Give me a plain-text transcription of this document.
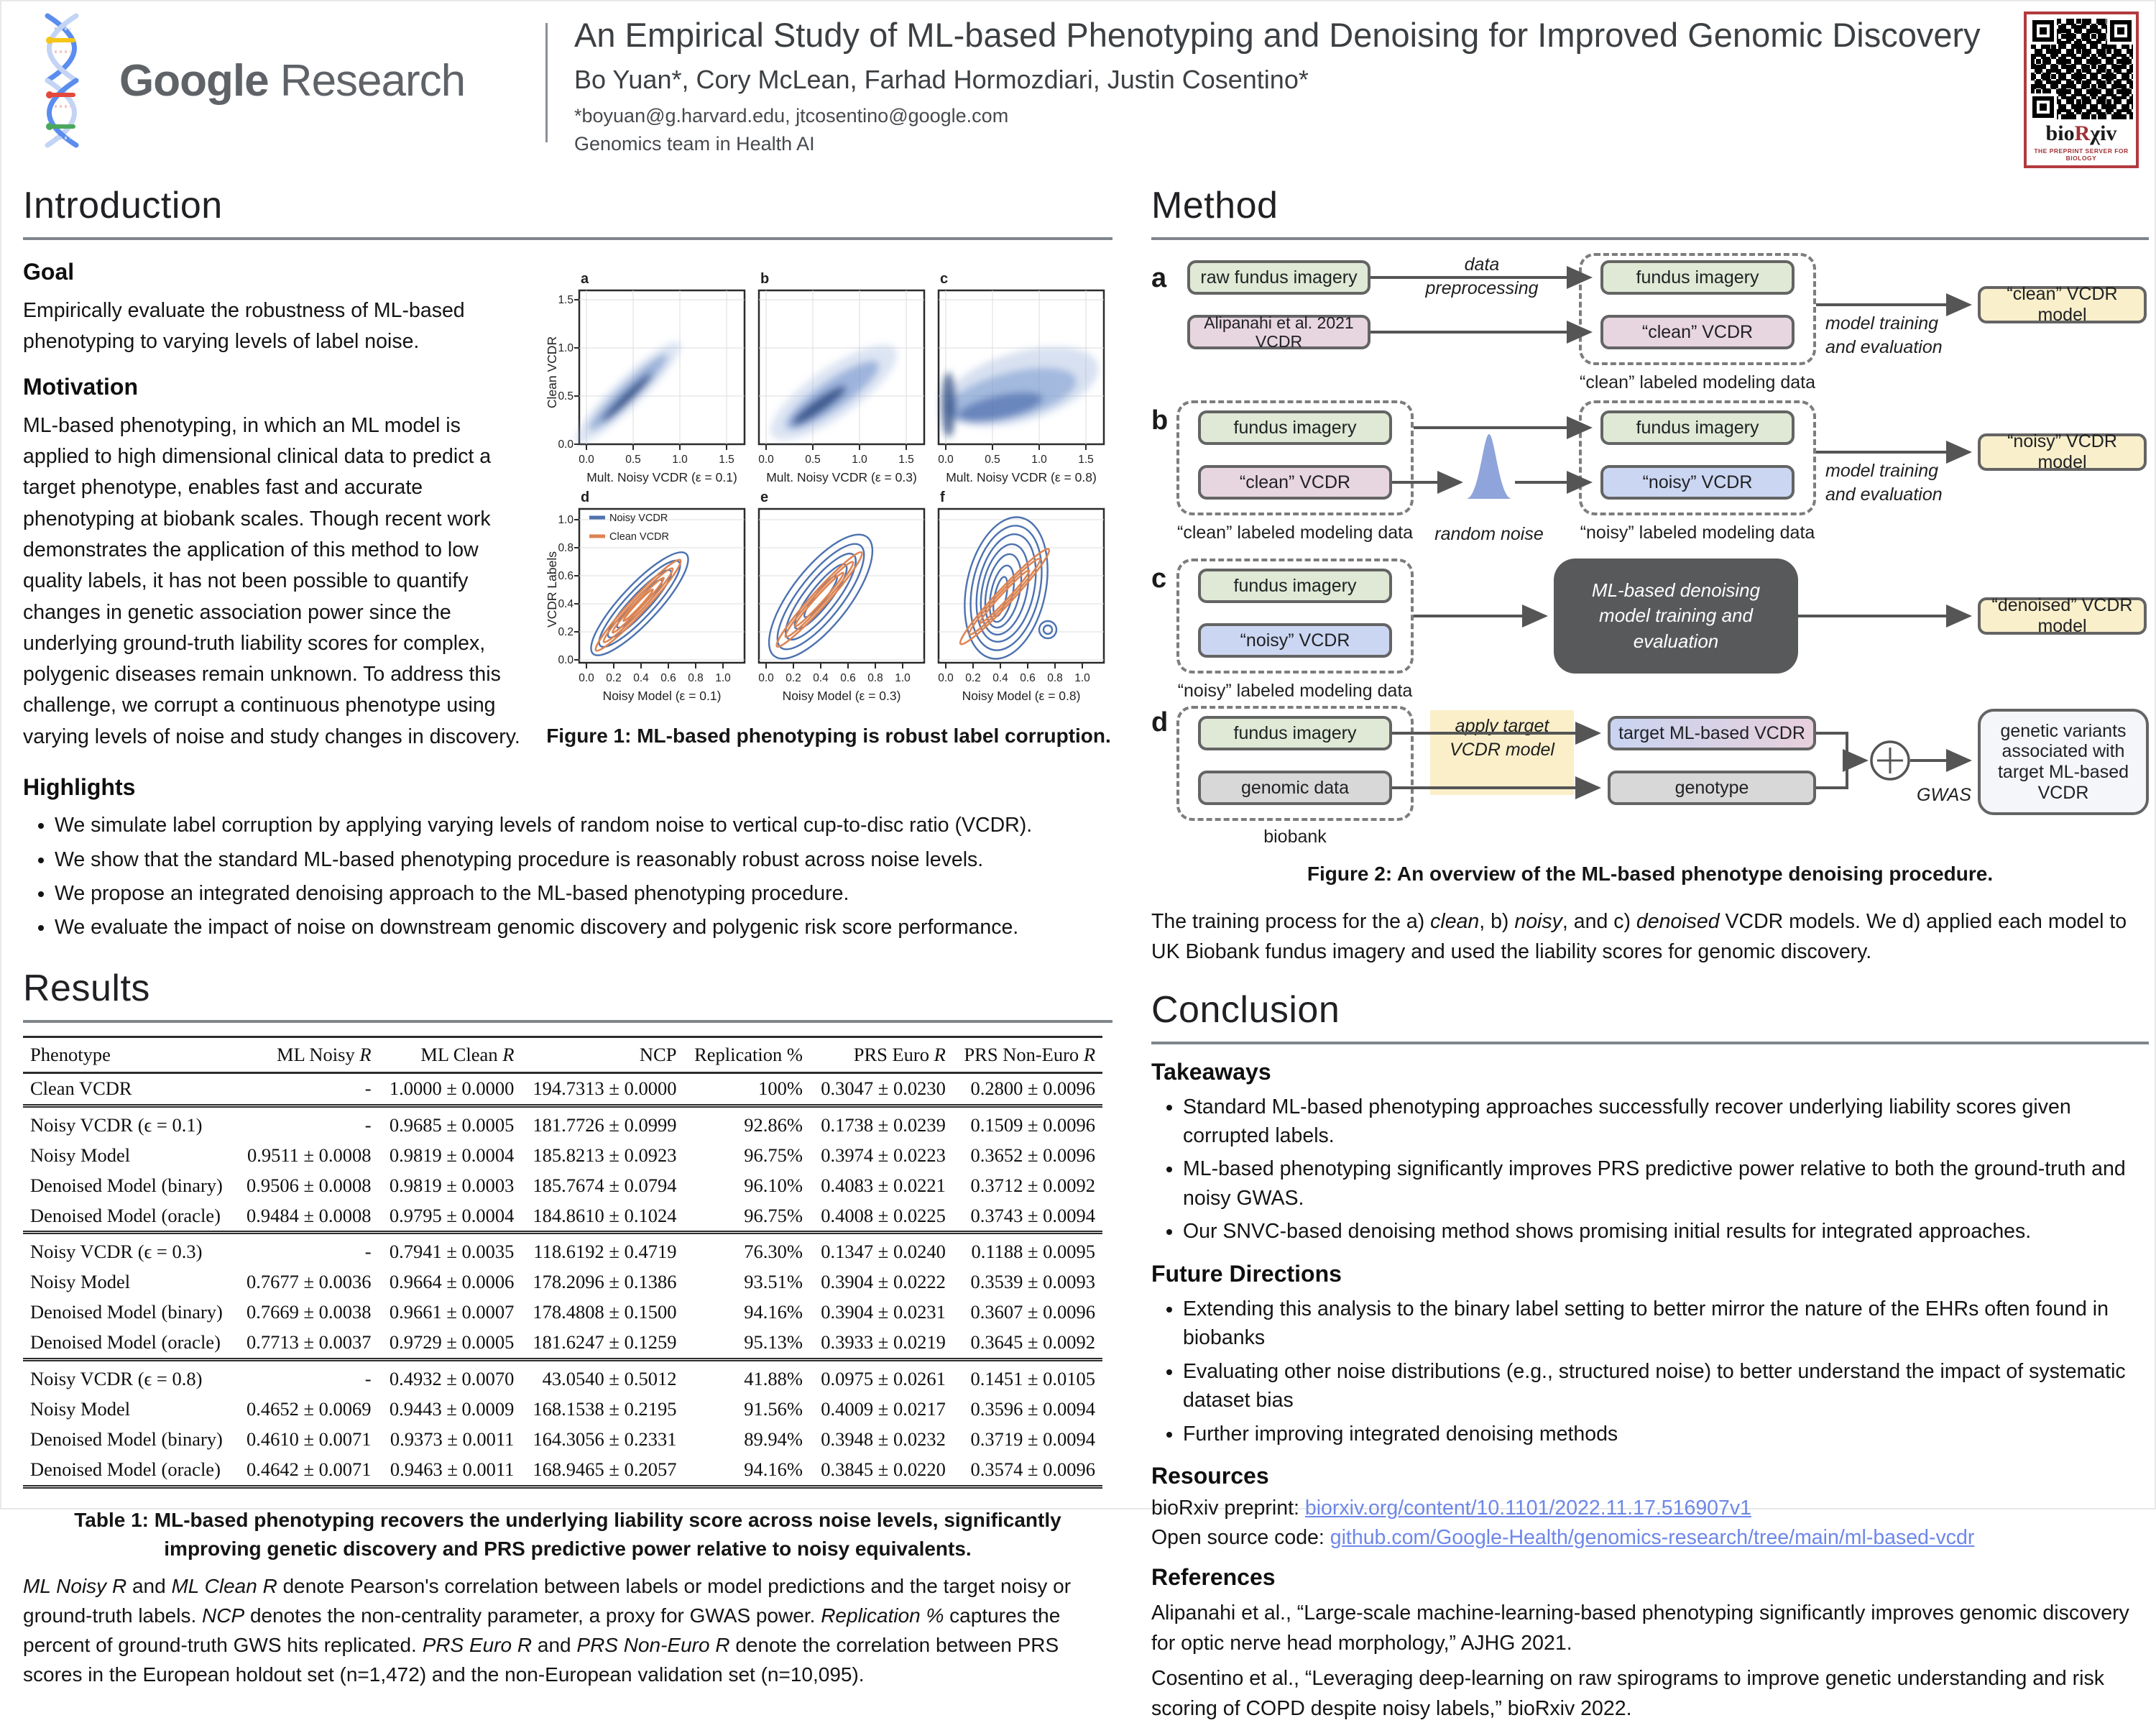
Google Research
An Empirical Study of ML-based Phenotyping and Denoising for Improved Genomic Discovery
Bo Yuan*, Cory McLean, Farhad Hormozdiari, Justin Cosentino*
*boyuan@g.harvard.edu, jtcosentino@google.com
Genomics team in Health AI	bioRχiv
THE PREPRINT SERVER FOR BIOLOGY
Introduction
Goal

Empirically evaluate the robustness of ML-based phenotyping to varying levels of label noise.

Motivation

ML-based phenotyping, in which an ML model is applied to high dimensional clinical data to predict a target phenotype, enables fast and accurate phenotyping at biobank scales. Though recent work demonstrates the application of this method to low quality labels, it has not been possible to quantify changes in genetic association power since the underlying ground-truth liability scores for complex, polygenic diseases remain unknown. To address this challenge, we corrupt a continuous phenotype using varying levels of noise and study changes in discovery.

a	b	c
1.5
1.0
0.5
0.0
0.0	0.5	1.0	1.5 0.0	0.5	1.0	1.5 0.0	0.5	1.0	1.5
Mult. Noisy VCDR (ε = 0.1) Mult. Noisy VCDR (ε = 0.3) Mult. Noisy VCDR (ε = 0.8)
Clean VCDR
d	e	f
Noisy VCDR
Clean VCDR
1.0
0.8
0.6
0.4
0.2
0.0
0.0 0.2 0.4 0.6 0.8 1.0 0.0 0.2 0.4 0.6 0.8 1.0 0.0 0.2 0.4 0.6 0.8 1.0
Noisy Model (ε = 0.1)	Noisy Model (ε = 0.3)	Noisy Model (ε = 0.8)
VCDR Labels
Figure 1: ML-based phenotyping is robust label corruption.
Highlights
• We simulate label corruption by applying varying levels of random noise to vertical cup-to-disc ratio (VCDR).
• We show that the standard ML-based phenotyping procedure is reasonably robust across noise levels.
• We propose an integrated denoising approach to the ML-based phenotyping procedure.
• We evaluate the impact of noise on downstream genomic discovery and polygenic risk score performance.
Results
Phenotype	ML Noisy R	ML Clean R	NCP	Replication %	PRS Euro R	PRS Non-Euro R
Clean VCDR	-	1.0000 ± 0.0000	194.7313 ± 0.0000	100%	0.3047 ± 0.0230	0.2800 ± 0.0096
Noisy VCDR (ϵ = 0.1)	-	0.9685 ± 0.0005	181.7726 ± 0.0999	92.86%	0.1738 ± 0.0239	0.1509 ± 0.0096
Noisy Model	0.9511 ± 0.0008	0.9819 ± 0.0004	185.8213 ± 0.0923	96.75%	0.3974 ± 0.0223	0.3652 ± 0.0096
Denoised Model (binary)	0.9506 ± 0.0008	0.9819 ± 0.0003	185.7674 ± 0.0794	96.10%	0.4083 ± 0.0221	0.3712 ± 0.0092
Denoised Model (oracle)	0.9484 ± 0.0008	0.9795 ± 0.0004	184.8610 ± 0.1024	96.75%	0.4008 ± 0.0225	0.3743 ± 0.0094
Noisy VCDR (ϵ = 0.3)	-	0.7941 ± 0.0035	118.6192 ± 0.4719	76.30%	0.1347 ± 0.0240	0.1188 ± 0.0095
Noisy Model	0.7677 ± 0.0036	0.9664 ± 0.0006	178.2096 ± 0.1386	93.51%	0.3904 ± 0.0222	0.3539 ± 0.0093
Denoised Model (binary)	0.7669 ± 0.0038	0.9661 ± 0.0007	178.4808 ± 0.1500	94.16%	0.3904 ± 0.0231	0.3607 ± 0.0096
Denoised Model (oracle)	0.7713 ± 0.0037	0.9729 ± 0.0005	181.6247 ± 0.1259	95.13%	0.3933 ± 0.0219	0.3645 ± 0.0092
Noisy VCDR (ϵ = 0.8)	-	0.4932 ± 0.0070	43.0540 ± 0.5012	41.88%	0.0975 ± 0.0261	0.1451 ± 0.0105
Noisy Model	0.4652 ± 0.0069	0.9443 ± 0.0009	168.1538 ± 0.2195	91.56%	0.4009 ± 0.0217	0.3596 ± 0.0094
Denoised Model (binary)	0.4610 ± 0.0071	0.9373 ± 0.0011	164.3056 ± 0.2331	89.94%	0.3948 ± 0.0232	0.3719 ± 0.0094
Denoised Model (oracle)	0.4642 ± 0.0071	0.9463 ± 0.0011	168.9465 ± 0.2057	94.16%	0.3845 ± 0.0220	0.3574 ± 0.0096
Table 1: ML-based phenotyping recovers the underlying liability score across noise levels, significantly improving genetic discovery and PRS predictive power relative to noisy equivalents.

ML Noisy R and ML Clean R denote Pearson's correlation between labels or model predictions and the target noisy or ground-truth labels. NCP denotes the non-centrality parameter, a proxy for GWAS power. Replication % captures the percent of ground-truth GWS hits replicated. PRS Euro R and PRS Non-Euro R denote the correlation between PRS scores in the European holdout set (n=1,472) and the non-European validation set (n=10,095).

Method
a	raw fundus imagery
Alipanahi et al. 2021 VCDR
data preprocessing
fundus imagery
“clean” VCDR
“clean” labeled modeling data
model training and evaluation
“clean” VCDR model
b	fundus imagery
“clean” VCDR
“clean” labeled modeling data	random noise
fundus imagery
“noisy” VCDR
“noisy” labeled modeling data
model training and evaluation
“noisy” VCDR model
c	fundus imagery
“noisy” VCDR
“noisy” labeled modeling data
ML-based denoising model training and evaluation
“denoised” VCDR model
d	fundus imagery
genomic data
biobank
apply target VCDR model
target ML-based VCDR
genotype
genetic variants associated with target ML-based VCDR
GWAS
Figure 2: An overview of the ML-based phenotype denoising procedure.

The training process for the a) clean, b) noisy, and c) denoised VCDR models. We d) applied each model to UK Biobank fundus imagery and used the liability scores for genomic discovery.

Conclusion
Takeaways
• Standard ML-based phenotyping approaches successfully recover underlying liability scores given corrupted labels.
• ML-based phenotyping significantly improves PRS predictive power relative to both the ground-truth and noisy GWAS.
• Our SNVC-based denoising method shows promising initial results for integrated approaches.
Future Directions
• Extending this analysis to the binary label setting to better mirror the nature of the EHRs often found in biobanks
• Evaluating other noise distributions (e.g., structured noise) to better understand the impact of systematic dataset bias
• Further improving integrated denoising methods
Resources
bioRxiv preprint: biorxiv.org/content/10.1101/2022.11.17.516907v1
Open source code: github.com/Google-Health/genomics-research/tree/main/ml-based-vcdr
References

Alipanahi et al., “Large-scale machine-learning-based phenotyping significantly improves genomic discovery for optic nerve head morphology,” AJHG 2021.

Cosentino et al., “Leveraging deep-learning on raw spirograms to improve genetic understanding and risk scoring of COPD despite noisy labels,” bioRxiv 2022.
